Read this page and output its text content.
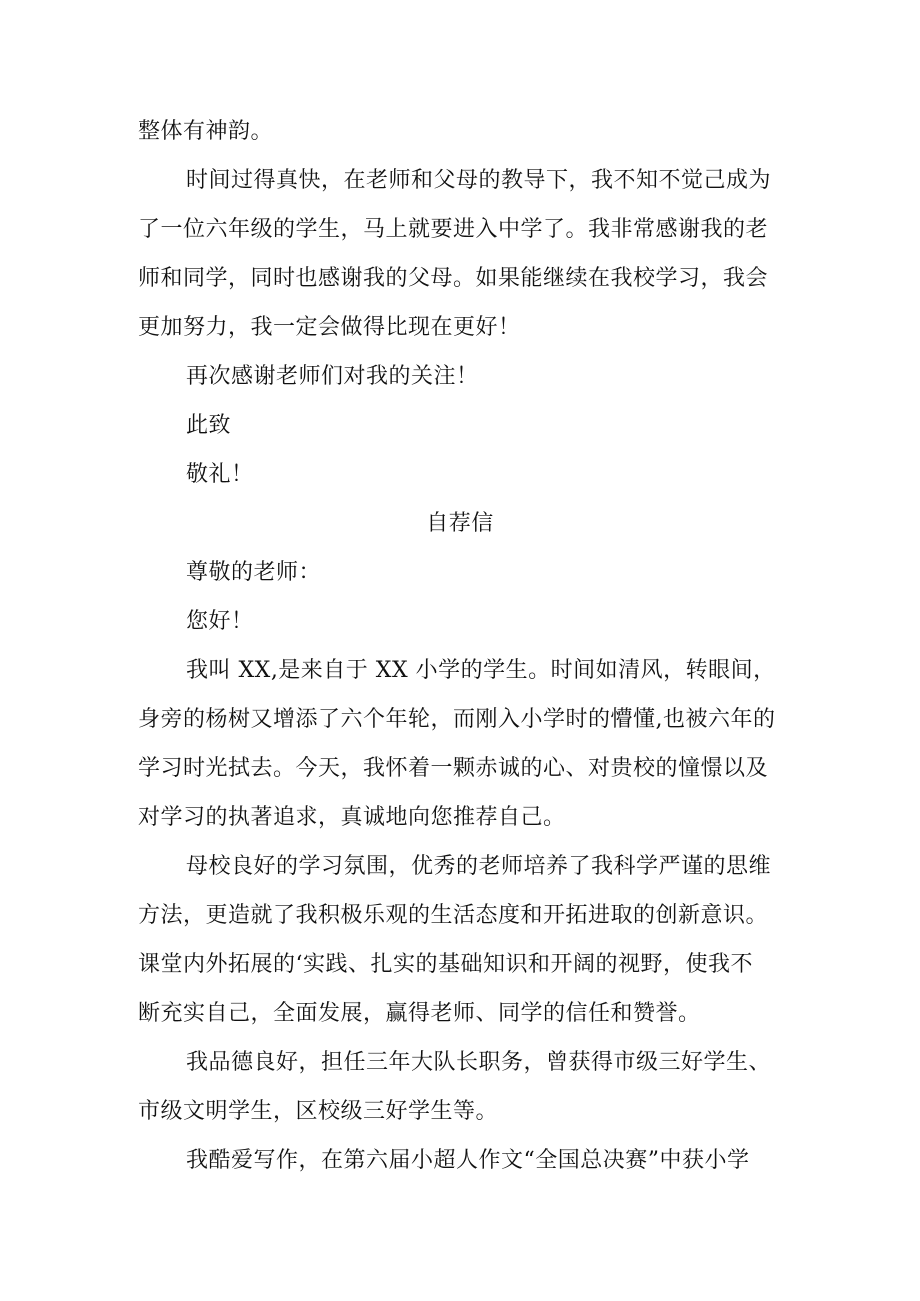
整体有神韵。
时间过得真快，在老师和父母的教导下，我不知不觉己成为
了一位六年级的学生，马上就要进入中学了。我非常感谢我的老
师和同学，同时也感谢我的父母。如果能继续在我校学习，我会
更加努力，我一定会做得比现在更好！
再次感谢老师们对我的关注！
此致
敬礼！
自荐信
尊敬的老师：
您好！
我叫 XX,是来自于 XX 小学的学生。时间如清风，转眼间，
身旁的杨树又增添了六个年轮，而刚入小学时的懵懂,也被六年的
学习时光拭去。今天，我怀着一颗赤诚的心、对贵校的憧憬以及
对学习的执著追求，真诚地向您推荐自己。
母校良好的学习氛围，优秀的老师培养了我科学严谨的思维
方法，更造就了我积极乐观的生活态度和开拓进取的创新意识。
课堂内外拓展的‘实践、扎实的基础知识和开阔的视野，使我不
断充实自己，全面发展，赢得老师、同学的信任和赞誉。
我品德良好，担任三年大队长职务，曾获得市级三好学生、
市级文明学生，区校级三好学生等。
我酷爱写作，在第六届小超人作文“全国总决赛”中获小学
